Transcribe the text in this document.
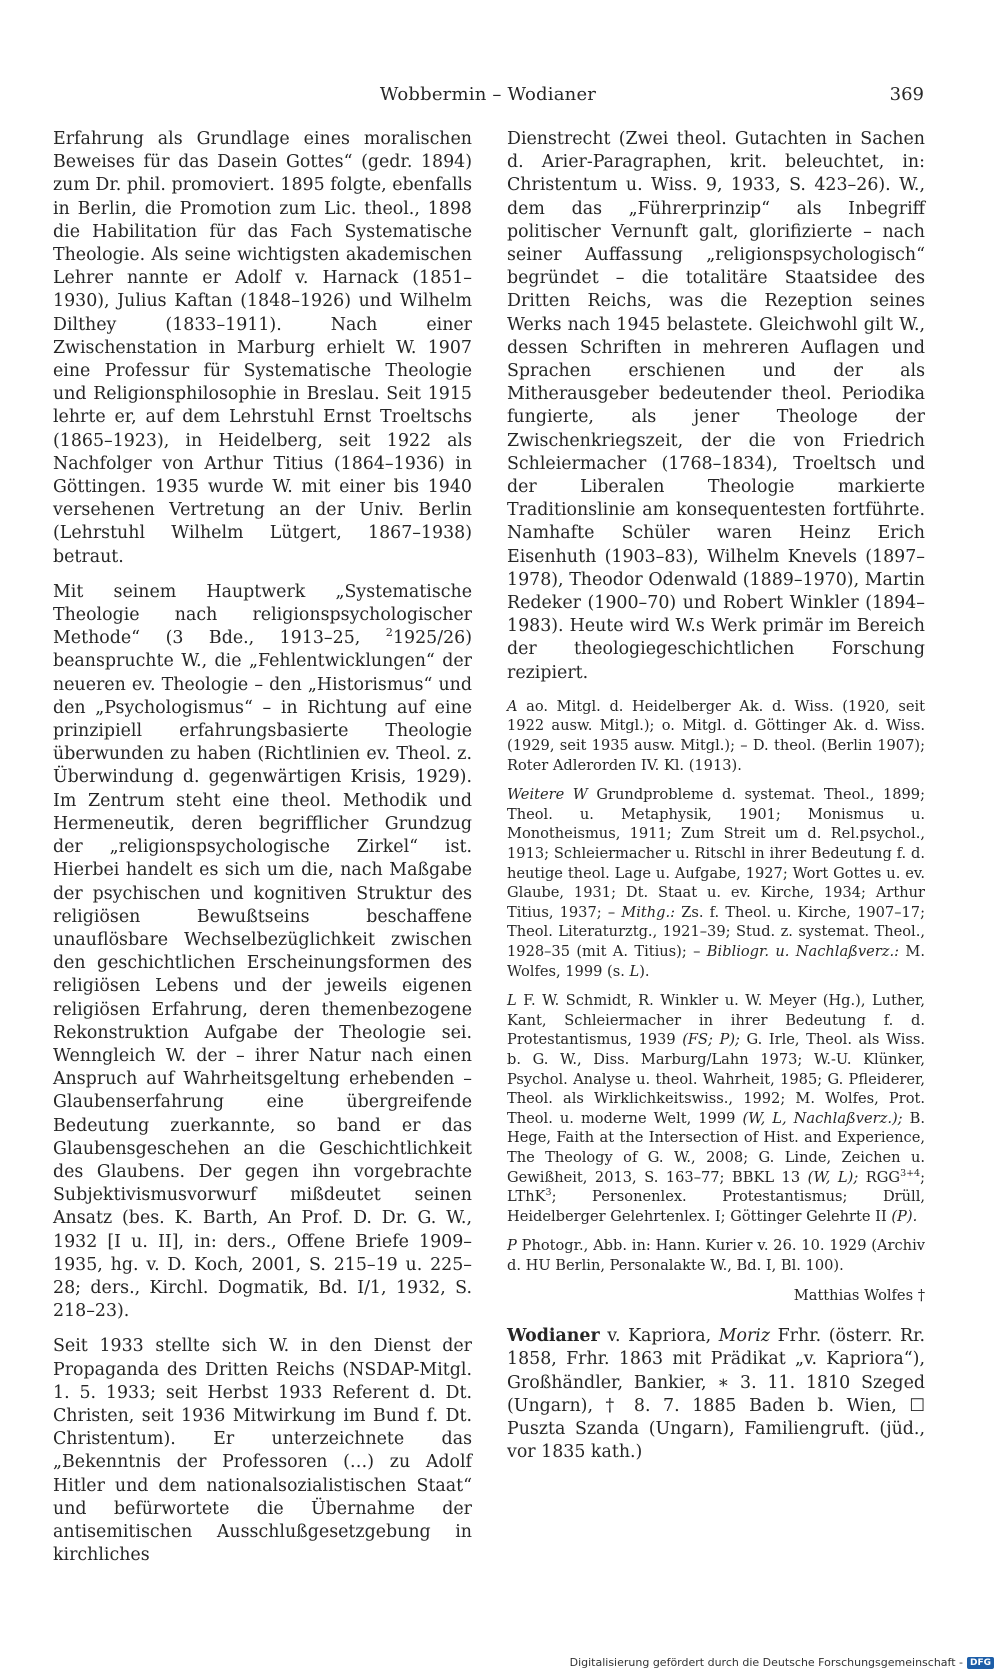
Wobbermin – Wodianer	369

Erfahrung als Grundlage eines moralischen Beweises für das Dasein Gottes“ (gedr. 1894) zum Dr. phil. promoviert. 1895 folgte, ebenfalls in Berlin, die Promotion zum Lic. theol., 1898 die Habilitation für das Fach Systematische Theologie. Als seine wichtigsten akademischen Lehrer nannte er Adolf v. Harnack (1851–1930), Julius Kaftan (1848–1926) und Wilhelm Dilthey (1833–1911). Nach einer Zwischenstation in Marburg erhielt W. 1907 eine Professur für Systematische Theologie und Religionsphilosophie in Breslau. Seit 1915 lehrte er, auf dem Lehrstuhl Ernst Troeltschs (1865–1923), in Heidelberg, seit 1922 als Nachfolger von Arthur Titius (1864–1936) in Göttingen. 1935 wurde W. mit einer bis 1940 versehenen Vertretung an der Univ. Berlin (Lehrstuhl Wilhelm Lütgert, 1867–1938) betraut.

Mit seinem Hauptwerk „Systematische Theologie nach religionspsychologischer Methode“ (3 Bde., 1913–25, $^2$1925/26) beanspruchte W., die „Fehlentwicklungen“ der neueren ev. Theologie – den „Historismus“ und den „Psychologismus“ – in Richtung auf eine prinzipiell erfahrungsbasierte Theologie überwunden zu haben (Richtlinien ev. Theol. z. Überwindung d. gegenwärtigen Krisis, 1929). Im Zentrum steht eine theol. Methodik und Hermeneutik, deren begrifflicher Grundzug der „religionspsychologische Zirkel“ ist. Hierbei handelt es sich um die, nach Maßgabe der psychischen und kognitiven Struktur des religiösen Bewußtseins beschaffene unauflösbare Wechselbezüglichkeit zwischen den geschichtlichen Erscheinungsformen des religiösen Lebens und der jeweils eigenen religiösen Erfahrung, deren themenbezogene Rekonstruktion Aufgabe der Theologie sei. Wenngleich W. der – ihrer Natur nach einen Anspruch auf Wahrheitsgeltung erhebenden – Glaubenserfahrung eine übergreifende Bedeutung zuerkannte, so band er das Glaubensgeschehen an die Geschichtlichkeit des Glaubens. Der gegen ihn vorgebrachte Subjektivismusvorwurf mißdeutet seinen Ansatz (bes. K. Barth, An Prof. D. Dr. G. W., 1932 [I u. II], in: ders., Offene Briefe 1909–1935, hg. v. D. Koch, 2001, S. 215–19 u. 225–28; ders., Kirchl. Dogmatik, Bd. I/1, 1932, S. 218–23).

Seit 1933 stellte sich W. in den Dienst der Propaganda des Dritten Reichs (NSDAP-Mitgl. 1. 5. 1933; seit Herbst 1933 Referent d. Dt. Christen, seit 1936 Mitwirkung im Bund f. Dt. Christentum). Er unterzeichnete das „Bekenntnis der Professoren (…) zu Adolf Hitler und dem nationalsozialistischen Staat“ und befürwortete die Übernahme der antisemitischen Ausschlußgesetzgebung in kirchliches

Dienstrecht (Zwei theol. Gutachten in Sachen d. Arier-Paragraphen, krit. beleuchtet, in: Christentum u. Wiss. 9, 1933, S. 423–26). W., dem das „Führerprinzip“ als Inbegriff politischer Vernunft galt, glorifizierte – nach seiner Auffassung „religionspsychologisch“ begründet – die totalitäre Staatsidee des Dritten Reichs, was die Rezeption seines Werks nach 1945 belastete. Gleichwohl gilt W., dessen Schriften in mehreren Auflagen und Sprachen erschienen und der als Mitherausgeber bedeutender theol. Periodika fungierte, als jener Theologe der Zwischenkriegszeit, der die von Friedrich Schleiermacher (1768–1834), Troeltsch und der Liberalen Theologie markierte Traditionslinie am konsequentesten fortführte. Namhafte Schüler waren Heinz Erich Eisenhuth (1903–83), Wilhelm Knevels (1897–1978), Theodor Odenwald (1889–1970), Martin Redeker (1900–70) und Robert Winkler (1894–1983). Heute wird W.s Werk primär im Bereich der theologiegeschichtlichen Forschung rezipiert.

A ao. Mitgl. d. Heidelberger Ak. d. Wiss. (1920, seit 1922 ausw. Mitgl.); o. Mitgl. d. Göttinger Ak. d. Wiss. (1929, seit 1935 ausw. Mitgl.); – D. theol. (Berlin 1907); Roter Adlerorden IV. Kl. (1913).

Weitere W Grundprobleme d. systemat. Theol., 1899; Theol. u. Metaphysik, 1901; Monismus u. Monotheismus, 1911; Zum Streit um d. Rel.psychol., 1913; Schleiermacher u. Ritschl in ihrer Bedeutung f. d. heutige theol. Lage u. Aufgabe, 1927; Wort Gottes u. ev. Glaube, 1931; Dt. Staat u. ev. Kirche, 1934; Arthur Titius, 1937; – Mithg.: Zs. f. Theol. u. Kirche, 1907–17; Theol. Literaturztg., 1921–39; Stud. z. systemat. Theol., 1928–35 (mit A. Titius); – Bibliogr. u. Nachlaßverz.: M. Wolfes, 1999 (s. L).

L F. W. Schmidt, R. Winkler u. W. Meyer (Hg.), Luther, Kant, Schleiermacher in ihrer Bedeutung f. d. Protestantismus, 1939 (FS; P); G. Irle, Theol. als Wiss. b. G. W., Diss. Marburg/Lahn 1973; W.-U. Klünker, Psychol. Analyse u. theol. Wahrheit, 1985; G. Pfleiderer, Theol. als Wirklichkeitswiss., 1992; M. Wolfes, Prot. Theol. u. moderne Welt, 1999 (W, L, Nachlaßverz.); B. Hege, Faith at the Intersection of Hist. and Experience, The Theology of G. W., 2008; G. Linde, Zeichen u. Gewißheit, 2013, S. 163–77; BBKL 13 (W, L); $RGG^{3+4}$; LThK$^3$; Personenlex. Protestantismus; Drüll, Heidelberger Gelehrtenlex. I; Göttinger Gelehrte II (P).

P Photogr., Abb. in: Hann. Kurier v. 26. 10. 1929 (Archiv d. HU Berlin, Personalakte W., Bd. I, Bl. 100).

Matthias Wolfes †

Wodianer v. Kapriora, Moriz Frhr. (österr. Rr. 1858, Frhr. 1863 mit Prädikat „v. Kapriora“), Großhändler, Bankier, ∗ 3. 11. 1810 Szeged (Ungarn), † 8. 7. 1885 Baden b. Wien, ☐ Puszta Szanda (Ungarn), Familiengruft. (jüd., vor 1835 kath.)

Digitalisierung gefördert durch die Deutsche Forschungsgemeinschaft - DFG
